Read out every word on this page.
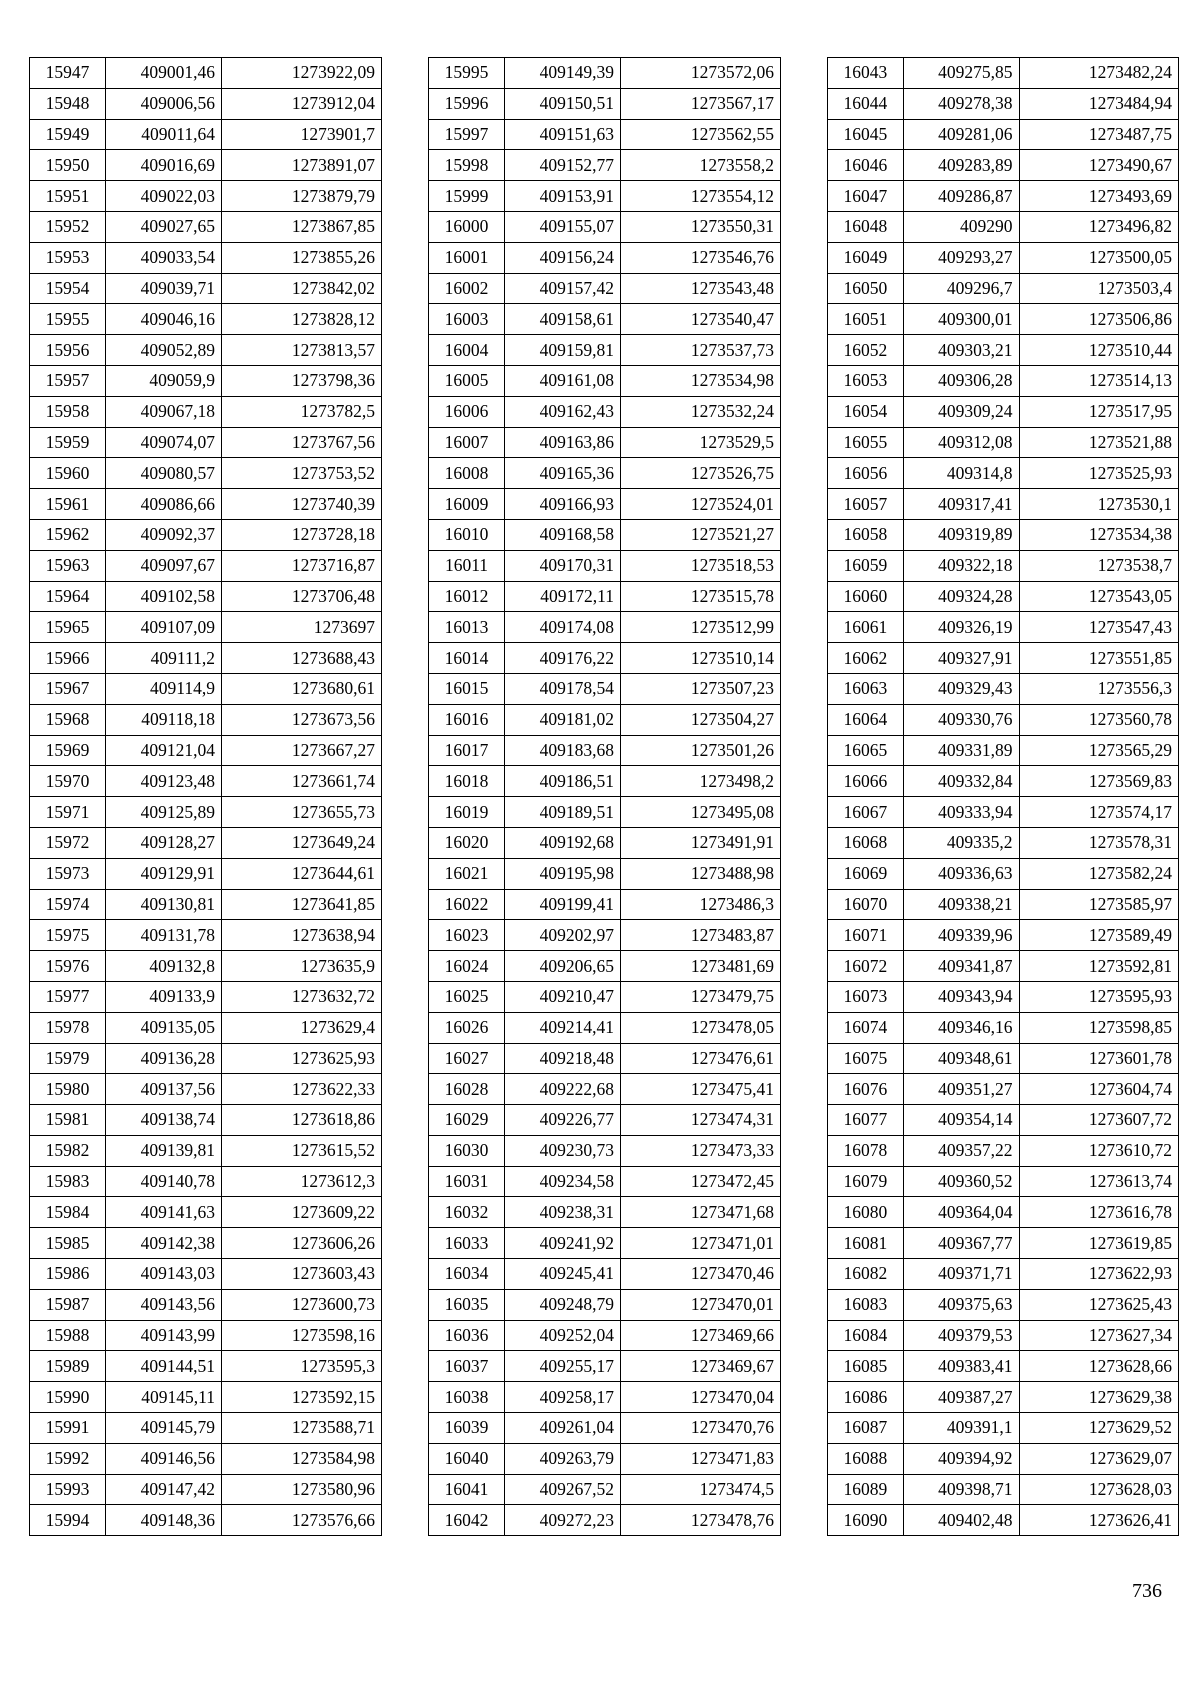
15947	409001,46	1273922,09
15948	409006,56	1273912,04
15949	409011,64	1273901,7
15950	409016,69	1273891,07
15951	409022,03	1273879,79
15952	409027,65	1273867,85
15953	409033,54	1273855,26
15954	409039,71	1273842,02
15955	409046,16	1273828,12
15956	409052,89	1273813,57
15957	409059,9	1273798,36
15958	409067,18	1273782,5
15959	409074,07	1273767,56
15960	409080,57	1273753,52
15961	409086,66	1273740,39
15962	409092,37	1273728,18
15963	409097,67	1273716,87
15964	409102,58	1273706,48
15965	409107,09	1273697
15966	409111,2	1273688,43
15967	409114,9	1273680,61
15968	409118,18	1273673,56
15969	409121,04	1273667,27
15970	409123,48	1273661,74
15971	409125,89	1273655,73
15972	409128,27	1273649,24
15973	409129,91	1273644,61
15974	409130,81	1273641,85
15975	409131,78	1273638,94
15976	409132,8	1273635,9
15977	409133,9	1273632,72
15978	409135,05	1273629,4
15979	409136,28	1273625,93
15980	409137,56	1273622,33
15981	409138,74	1273618,86
15982	409139,81	1273615,52
15983	409140,78	1273612,3
15984	409141,63	1273609,22
15985	409142,38	1273606,26
15986	409143,03	1273603,43
15987	409143,56	1273600,73
15988	409143,99	1273598,16
15989	409144,51	1273595,3
15990	409145,11	1273592,15
15991	409145,79	1273588,71
15992	409146,56	1273584,98
15993	409147,42	1273580,96
15994	409148,36	1273576,66
15995	409149,39	1273572,06
15996	409150,51	1273567,17
15997	409151,63	1273562,55
15998	409152,77	1273558,2
15999	409153,91	1273554,12
16000	409155,07	1273550,31
16001	409156,24	1273546,76
16002	409157,42	1273543,48
16003	409158,61	1273540,47
16004	409159,81	1273537,73
16005	409161,08	1273534,98
16006	409162,43	1273532,24
16007	409163,86	1273529,5
16008	409165,36	1273526,75
16009	409166,93	1273524,01
16010	409168,58	1273521,27
16011	409170,31	1273518,53
16012	409172,11	1273515,78
16013	409174,08	1273512,99
16014	409176,22	1273510,14
16015	409178,54	1273507,23
16016	409181,02	1273504,27
16017	409183,68	1273501,26
16018	409186,51	1273498,2
16019	409189,51	1273495,08
16020	409192,68	1273491,91
16021	409195,98	1273488,98
16022	409199,41	1273486,3
16023	409202,97	1273483,87
16024	409206,65	1273481,69
16025	409210,47	1273479,75
16026	409214,41	1273478,05
16027	409218,48	1273476,61
16028	409222,68	1273475,41
16029	409226,77	1273474,31
16030	409230,73	1273473,33
16031	409234,58	1273472,45
16032	409238,31	1273471,68
16033	409241,92	1273471,01
16034	409245,41	1273470,46
16035	409248,79	1273470,01
16036	409252,04	1273469,66
16037	409255,17	1273469,67
16038	409258,17	1273470,04
16039	409261,04	1273470,76
16040	409263,79	1273471,83
16041	409267,52	1273474,5
16042	409272,23	1273478,76
16043	409275,85	1273482,24
16044	409278,38	1273484,94
16045	409281,06	1273487,75
16046	409283,89	1273490,67
16047	409286,87	1273493,69
16048	409290	1273496,82
16049	409293,27	1273500,05
16050	409296,7	1273503,4
16051	409300,01	1273506,86
16052	409303,21	1273510,44
16053	409306,28	1273514,13
16054	409309,24	1273517,95
16055	409312,08	1273521,88
16056	409314,8	1273525,93
16057	409317,41	1273530,1
16058	409319,89	1273534,38
16059	409322,18	1273538,7
16060	409324,28	1273543,05
16061	409326,19	1273547,43
16062	409327,91	1273551,85
16063	409329,43	1273556,3
16064	409330,76	1273560,78
16065	409331,89	1273565,29
16066	409332,84	1273569,83
16067	409333,94	1273574,17
16068	409335,2	1273578,31
16069	409336,63	1273582,24
16070	409338,21	1273585,97
16071	409339,96	1273589,49
16072	409341,87	1273592,81
16073	409343,94	1273595,93
16074	409346,16	1273598,85
16075	409348,61	1273601,78
16076	409351,27	1273604,74
16077	409354,14	1273607,72
16078	409357,22	1273610,72
16079	409360,52	1273613,74
16080	409364,04	1273616,78
16081	409367,77	1273619,85
16082	409371,71	1273622,93
16083	409375,63	1273625,43
16084	409379,53	1273627,34
16085	409383,41	1273628,66
16086	409387,27	1273629,38
16087	409391,1	1273629,52
16088	409394,92	1273629,07
16089	409398,71	1273628,03
16090	409402,48	1273626,41
736
